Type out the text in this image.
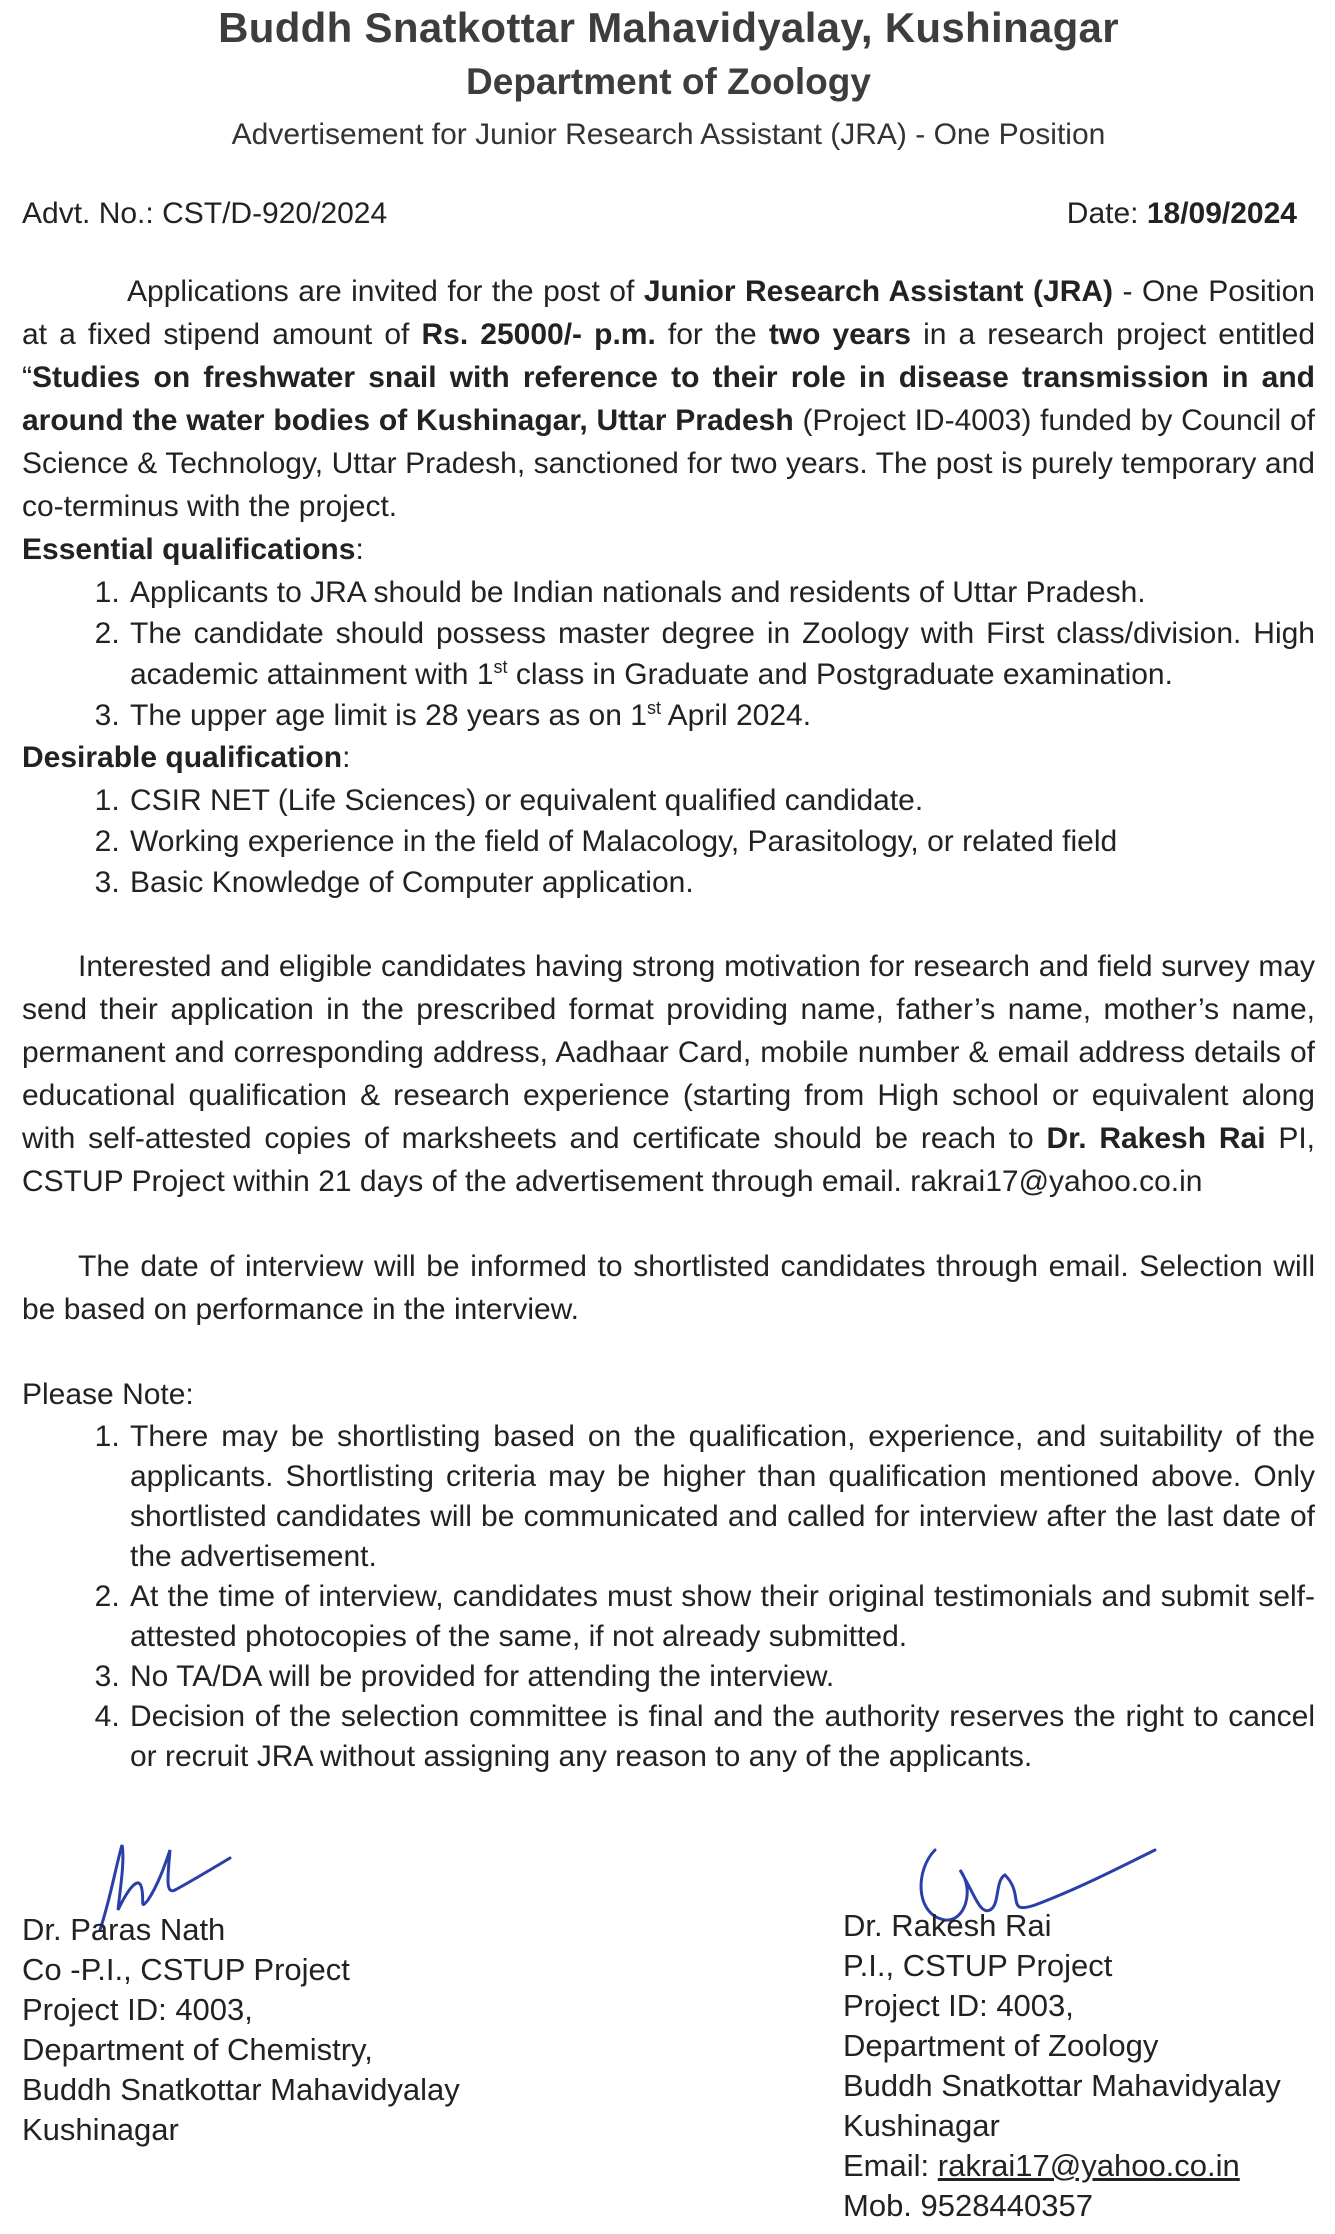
Buddh Snatkottar Mahavidyalay, Kushinagar
Department of Zoology
Advertisement for Junior Research Assistant (JRA) - One Position
Advt. No.: CST/D-920/2024	Date: 18/09/2024
Applications are invited for the post of Junior Research Assistant (JRA) - One Position at a fixed stipend amount of Rs. 25000/- p.m. for the two years in a research project entitled “Studies on freshwater snail with reference to their role in disease transmission in and around the water bodies of Kushinagar, Uttar Pradesh (Project ID-4003) funded by Council of Science & Technology, Uttar Pradesh, sanctioned for two years. The post is purely temporary and co-terminus with the project.
Essential qualifications:
1. Applicants to JRA should be Indian nationals and residents of Uttar Pradesh.
2. The candidate should possess master degree in Zoology with First class/division. High academic attainment with 1st class in Graduate and Postgraduate examination.
3. The upper age limit is 28 years as on 1st April 2024.
Desirable qualification:
1. CSIR NET (Life Sciences) or equivalent qualified candidate.
2. Working experience in the field of Malacology, Parasitology, or related field
3. Basic Knowledge of Computer application.
Interested and eligible candidates having strong motivation for research and field survey may send their application in the prescribed format providing name, father’s name, mother’s name, permanent and corresponding address, Aadhaar Card, mobile number & email address details of educational qualification & research experience (starting from High school or equivalent along with self-attested copies of marksheets and certificate should be reach to Dr. Rakesh Rai PI, CSTUP Project within 21 days of the advertisement through email. rakrai17@yahoo.co.in
The date of interview will be informed to shortlisted candidates through email. Selection will be based on performance in the interview.
Please Note:
1. There may be shortlisting based on the qualification, experience, and suitability of the applicants. Shortlisting criteria may be higher than qualification mentioned above. Only shortlisted candidates will be communicated and called for interview after the last date of the advertisement.
2. At the time of interview, candidates must show their original testimonials and submit self-attested photocopies of the same, if not already submitted.
3. No TA/DA will be provided for attending the interview.
4. Decision of the selection committee is final and the authority reserves the right to cancel or recruit JRA without assigning any reason to any of the applicants.
Dr. Paras Nath
Co -P.I., CSTUP Project
Project ID: 4003,
Department of Chemistry,
Buddh Snatkottar Mahavidyalay
Kushinagar
Dr. Rakesh Rai
P.I., CSTUP Project
Project ID: 4003,
Department of Zoology
Buddh Snatkottar Mahavidyalay
Kushinagar
Email: rakrai17@yahoo.co.in
Mob. 9528440357
